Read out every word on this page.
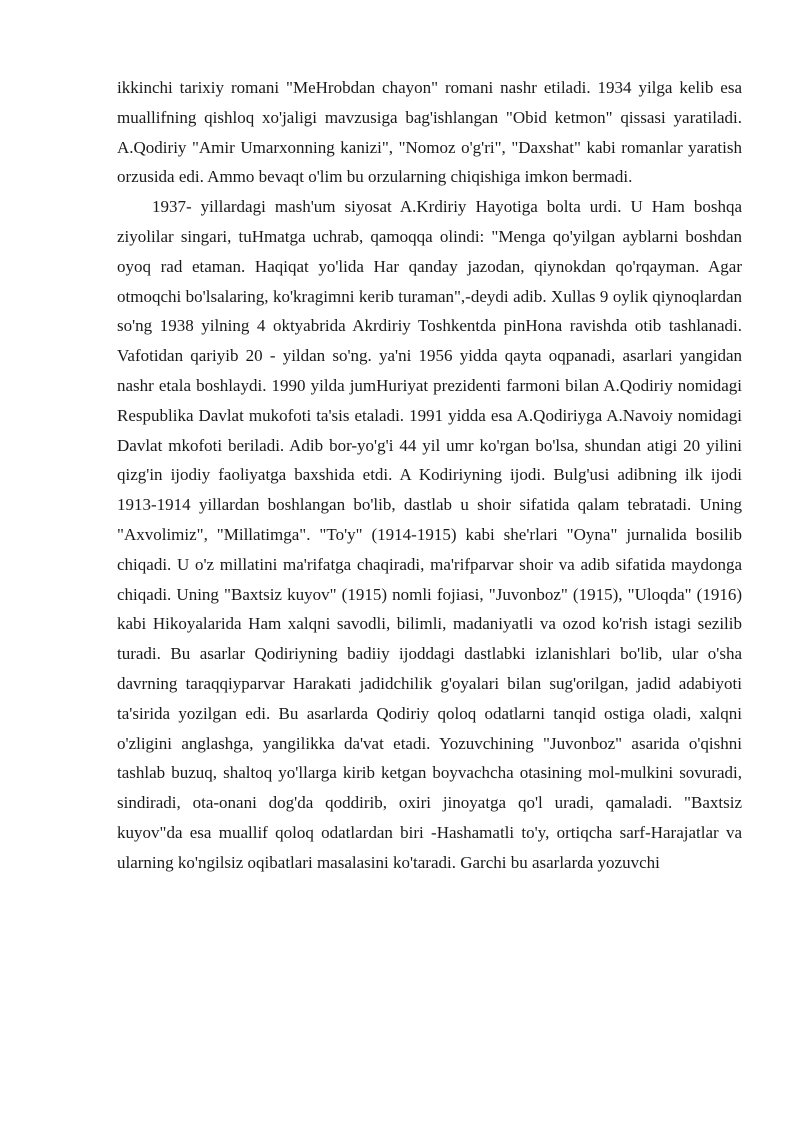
ikkinchi tarixiy romani "MeHrobdan chayon" romani nashr etiladi. 1934 yilga kelib esa muallifning qishloq xo'jaligi mavzusiga bag'ishlangan "Obid ketmon" qissasi yaratiladi. A.Qodiriy "Amir Umarxonning kanizi", "Nomoz o'g'ri", "Daxshat" kabi romanlar yaratish orzusida edi. Ammo bevaqt o'lim bu orzularning chiqishiga imkon bermadi.

1937- yillardagi mash'um siyosat A.Krdiriy Hayotiga bolta urdi. U Ham boshqa ziyolilar singari, tuHmatga uchrab, qamoqqa olindi: "Menga qo'yilgan ayblarni boshdan oyoq rad etaman. Haqiqat yo'lida Har qanday jazodan, qiynokdan qo'rqayman. Agar otmoqchi bo'lsalaring, ko'kragimni kerib turaman",-deydi adib. Xullas 9 oylik qiynoqlardan so'ng 1938 yilning 4 oktyabrida Akrdiriy Toshkentda pinHona ravishda otib tashlanadi. Vafotidan qariyib 20 - yildan so'ng. ya'ni 1956 yidda qayta oqpanadi, asarlari yangidan nashr etala boshlaydi. 1990 yilda jumHuriyat prezidenti farmoni bilan A.Qodiriy nomidagi Respublika Davlat mukofoti ta'sis etaladi. 1991 yidda esa A.Qodiriyga A.Navoiy nomidagi Davlat mkofoti beriladi. Adib bor-yo'g'i 44 yil umr ko'rgan bo'lsa, shundan atigi 20 yilini qizg'in ijodiy faoliyatga baxshida etdi. A Kodiriyning ijodi. Bulg'usi adibning ilk ijodi 1913-1914 yillardan boshlangan bo'lib, dastlab u shoir sifatida qalam tebratadi. Uning "Axvolimiz", "Millatimga". "To'y" (1914-1915) kabi she'rlari "Oyna" jurnalida bosilib chiqadi. U o'z millatini ma'rifatga chaqiradi, ma'rifparvar shoir va adib sifatida maydonga chiqadi. Uning "Baxtsiz kuyov" (1915) nomli fojiasi, "Juvonboz" (1915), "Uloqda" (1916) kabi Hikoyalarida Ham xalqni savodli, bilimli, madaniyatli va ozod ko'rish istagi sezilib turadi. Bu asarlar Qodiriyning badiiy ijoddagi dastlabki izlanishlari bo'lib, ular o'sha davrning taraqqiyparvar Harakati jadidchilik g'oyalari bilan sug'orilgan, jadid adabiyoti ta'sirida yozilgan edi. Bu asarlarda Qodiriy qoloq odatlarni tanqid ostiga oladi, xalqni o'zligini anglashga, yangilikka da'vat etadi. Yozuvchining "Juvonboz" asarida o'qishni tashlab buzuq, shaltoq yo'llarga kirib ketgan boyvachcha otasining mol-mulkini sovuradi, sindiradi, ota-onani dog'da qoddirib, oxiri jinoyatga qo'l uradi, qamaladi. "Baxtsiz kuyov"da esa muallif qoloq odatlardan biri -Hashamatli to'y, ortiqcha sarf-Harajatlar va ularning ko'ngilsiz oqibatlari masalasini ko'taradi. Garchi bu asarlarda yozuvchi
